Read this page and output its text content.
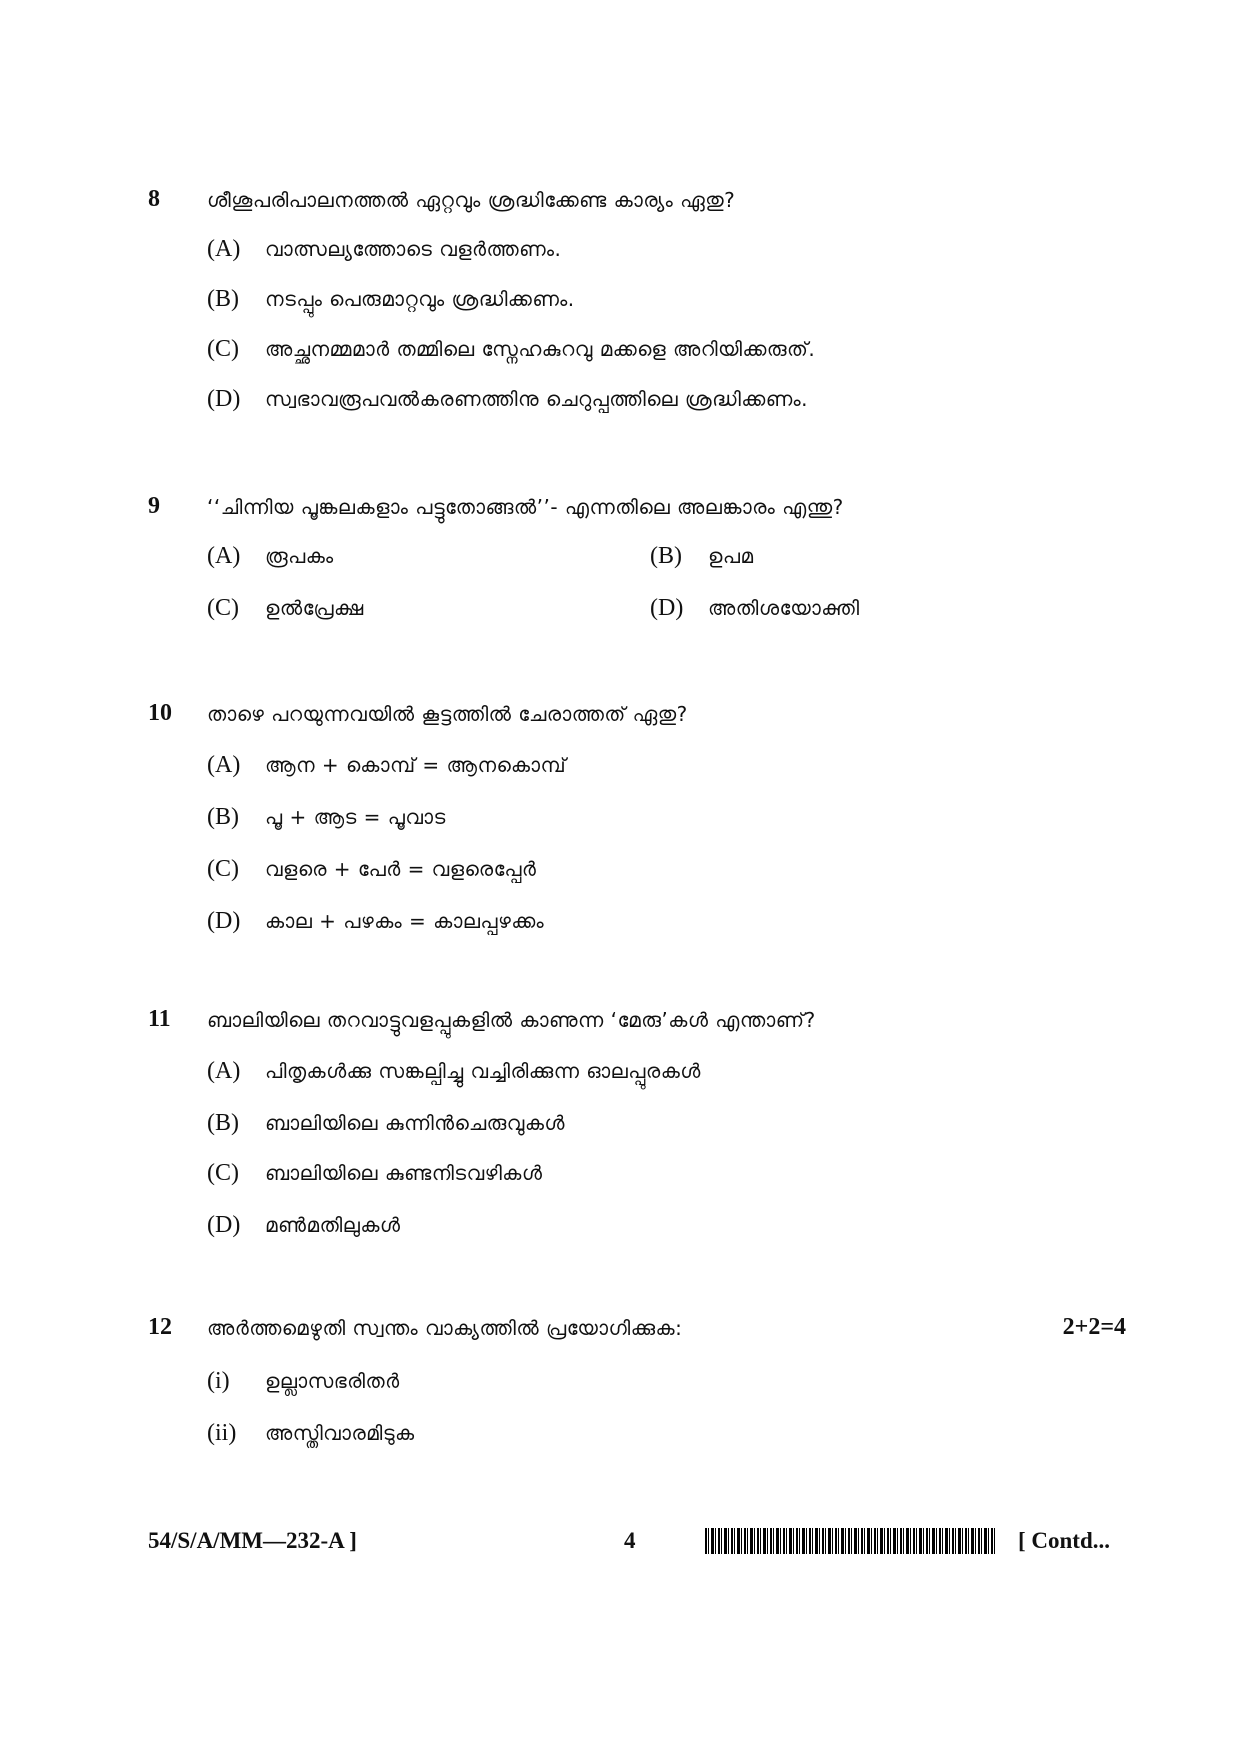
8 ശീശൂപരിപാലനത്തൽ ഏറ്റവും ശ്രദ്ധിക്കേണ്ട കാര്യം ഏതു?
(A) വാത്സല്യത്തോടെ വളർത്തണം.
(B) നടപ്പും പെരുമാറ്റവും ശ്രദ്ധിക്കണം.
(C) അച്ഛനമ്മമാർ തമ്മിലെ സ്നേഹകുറവു മക്കളെ അറിയിക്കരുത്.
(D) സ്വഭാവരൂപവൽകരണത്തിനു ചെറുപ്പത്തിലെ ശ്രദ്ധിക്കണം.
9 ‘‘ചിന്നിയ പൂങ്കലകളാം പട്ടുതോങ്ങൽ’’- എന്നതിലെ അലങ്കാരം എന്തു?
(A) രൂപകം	(B) ഉപമ
(C) ഉൽപ്രേക്ഷ	(D) അതിശയോക്തി
10 താഴെ പറയുന്നവയിൽ കൂട്ടത്തിൽ ചേരാത്തത് ഏതു?
(A) ആന + കൊമ്പ് = ആനകൊമ്പ്
(B) പൂ + ആട = പൂവാട
(C) വളരെ + പേർ = വളരെപ്പേർ
(D) കാല + പഴകം = കാലപ്പഴക്കം
11 ബാലിയിലെ തറവാട്ടുവളപ്പുകളിൽ കാണുന്ന ‘മേരു’കൾ എന്താണ്?
(A) പിതൃകൾക്കു സങ്കല്പിച്ചു വച്ചിരിക്കുന്ന ഓലപ്പുരകൾ
(B) ബാലിയിലെ കുന്നിൻചെരുവുകൾ
(C) ബാലിയിലെ കുണ്ടനിടവഴികൾ
(D) മൺമതിലുകൾ
12 അർത്തമെഴുതി സ്വന്തം വാക്യത്തിൽ പ്രയോഗിക്കുക:	2+2=4
(i) ഉല്ലാസഭരിതർ
(ii) അസ്തിവാരമിടുക
54/S/A/MM—232-A ]	4	[ Contd...
